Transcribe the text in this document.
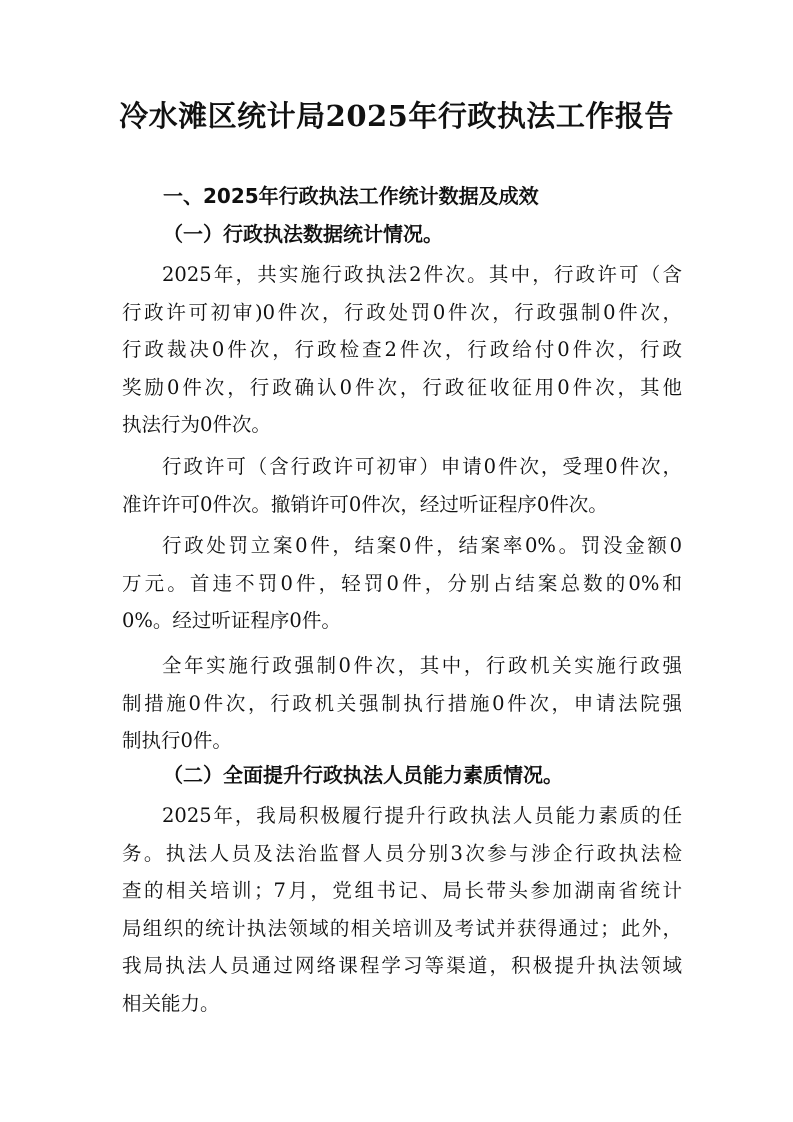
冷水滩区统计局2025年行政执法工作报告
一、2025年行政执法工作统计数据及成效
（一）行政执法数据统计情况。

2025年，共实施行政执法2件次。其中，行政许可（含
行政许可初审)0件次，行政处罚0件次，行政强制0件次，
行政裁决0件次，行政检查2件次，行政给付0件次，行政
奖励0件次，行政确认0件次，行政征收征用0件次，其他
执法行为0件次。

行政许可（含行政许可初审）申请0件次，受理0件次，
准许许可0件次。撤销许可0件次，经过听证程序0件次。

行政处罚立案0件，结案0件，结案率0%。罚没金额0
万元。首违不罚0件，轻罚0件，分别占结案总数的0%和
0%。经过听证程序0件。

全年实施行政强制0件次，其中，行政机关实施行政强
制措施0件次，行政机关强制执行措施0件次，申请法院强
制执行0件。

（二）全面提升行政执法人员能力素质情况。

2025年，我局积极履行提升行政执法人员能力素质的任
务。执法人员及法治监督人员分别3次参与涉企行政执法检
查的相关培训；7月，党组书记、局长带头参加湖南省统计
局组织的统计执法领域的相关培训及考试并获得通过；此外，
我局执法人员通过网络课程学习等渠道，积极提升执法领域
相关能力。
